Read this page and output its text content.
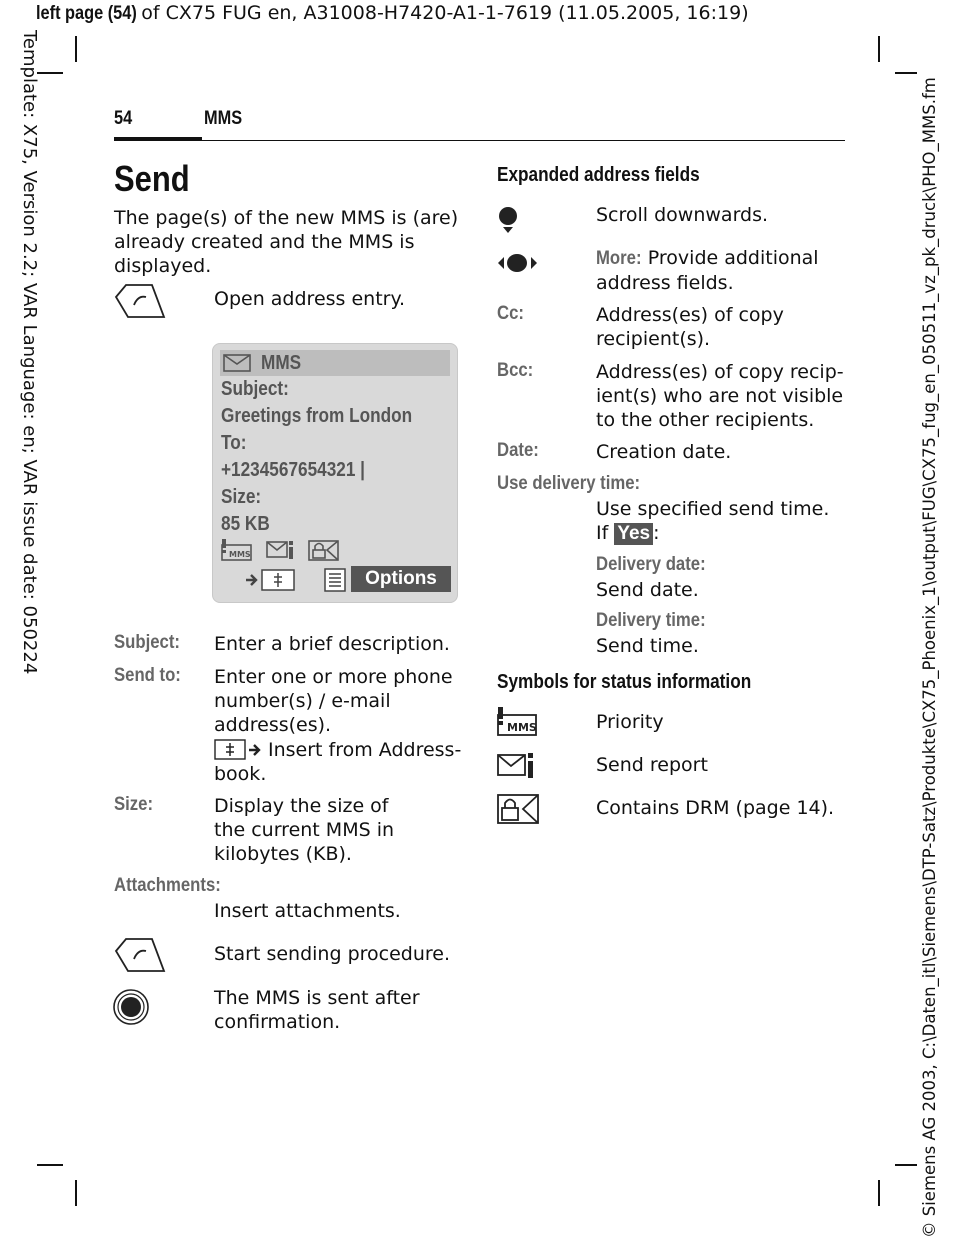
left page (54) of CX75 FUG en, A31008-H7420-A1-1-7619 (11.05.2005, 16:19)
Template: X75, Version 2.2; VAR Language: en; VAR issue date: 050224	© Siemens AG 2003, C:\Daten_itl\Siemens\DTP-Satz\Produkte\CX75_Phoenix_1\output\FUG\CX75_fug_en_050511_vz_pk_druck\PHO_MMS.fm
54	MMS
Send
The page(s) of the new MMS is (are) already created and the MMS is displayed.
Open address entry.
MMS
Subject:
Greetings from London
To:
+1234567654321 |
Size:
85 KB
MMS
Options
Subject: Enter a brief description.
Send to: Enter one or more phone number(s) / e-mail address(es).
Insert from Address-
book.
Size:	Display the size of the current MMS in kilobytes (KB).
Attachments:
Insert attachments.
Start sending procedure.
The MMS is sent after confirmation.
Expanded address fields
Scroll downwards.
More: Provide additional address fields.
Cc:	Address(es) of copy recipient(s).
Bcc:	Address(es) of copy recip-ient(s) who are not visible to the other recipients.
Date:	Creation date.
Use delivery time:
Use specified send time.
If Yes :
Delivery date:
Send date.
Delivery time:
Send time.
Symbols for status information
MMS	Priority
Send report
Contains DRM (page 14).
